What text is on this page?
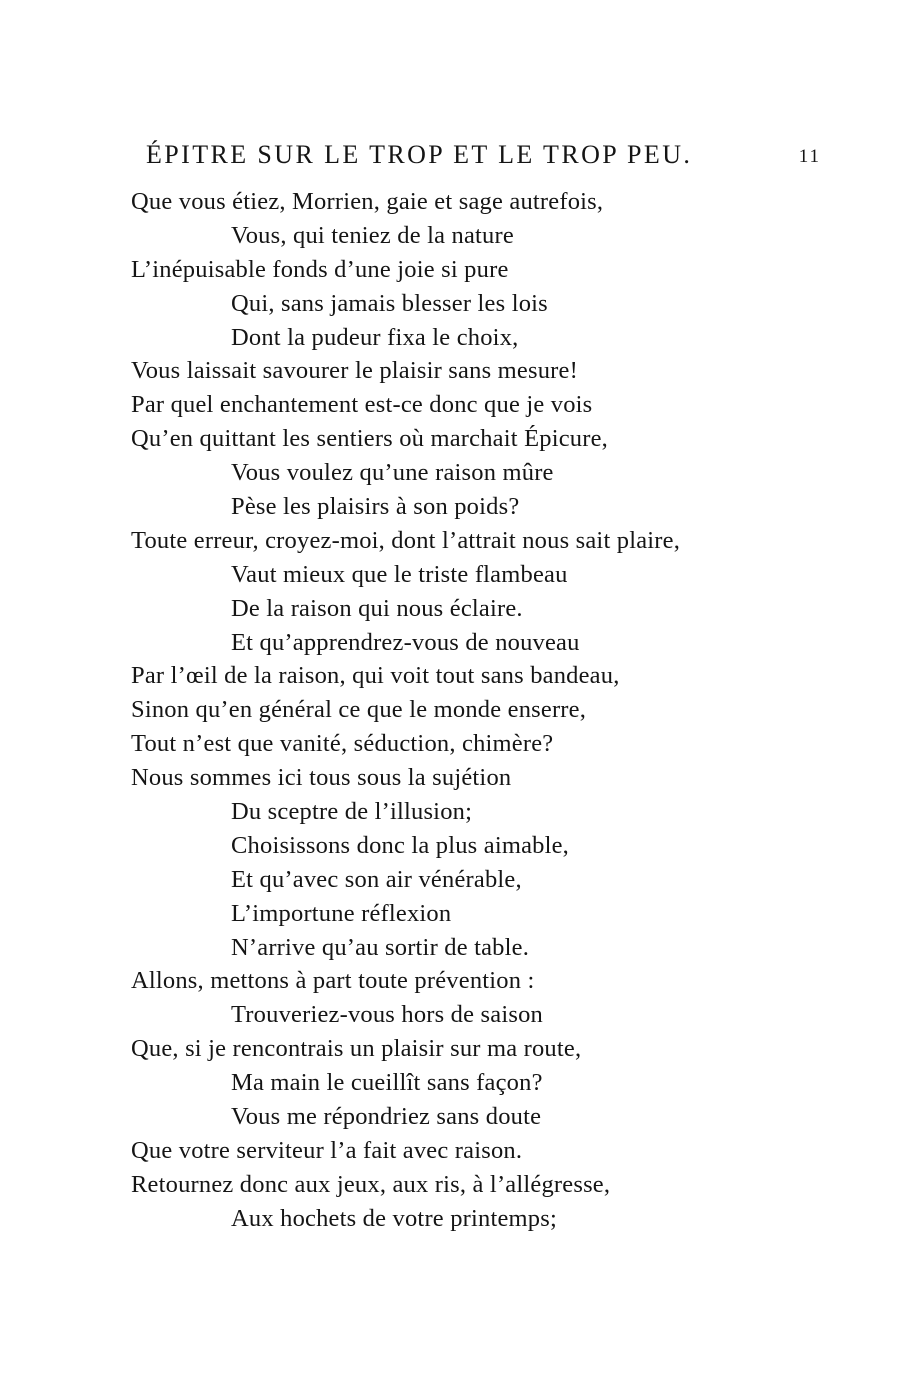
ÉPITRE SUR LE TROP ET LE TROP PEU.	11
Que vous étiez, Morrien, gaie et sage autrefois,
Vous, qui teniez de la nature
L’inépuisable fonds d’une joie si pure
Qui, sans jamais blesser les lois
Dont la pudeur fixa le choix,
Vous laissait savourer le plaisir sans mesure!
Par quel enchantement est-ce donc que je vois
Qu’en quittant les sentiers où marchait Épicure,
Vous voulez qu’une raison mûre
Pèse les plaisirs à son poids?
Toute erreur, croyez-moi, dont l’attrait nous sait plaire,
Vaut mieux que le triste flambeau
De la raison qui nous éclaire.
Et qu’apprendrez-vous de nouveau
Par l’œil de la raison, qui voit tout sans bandeau,
Sinon qu’en général ce que le monde enserre,
Tout n’est que vanité, séduction, chimère?
Nous sommes ici tous sous la sujétion
Du sceptre de l’illusion;
Choisissons donc la plus aimable,
Et qu’avec son air vénérable,
L’importune réflexion
N’arrive qu’au sortir de table.
Allons, mettons à part toute prévention :
Trouveriez-vous hors de saison
Que, si je rencontrais un plaisir sur ma route,
Ma main le cueillît sans façon?
Vous me répondriez sans doute
Que votre serviteur l’a fait avec raison.
Retournez donc aux jeux, aux ris, à l’allégresse,
Aux hochets de votre printemps;
